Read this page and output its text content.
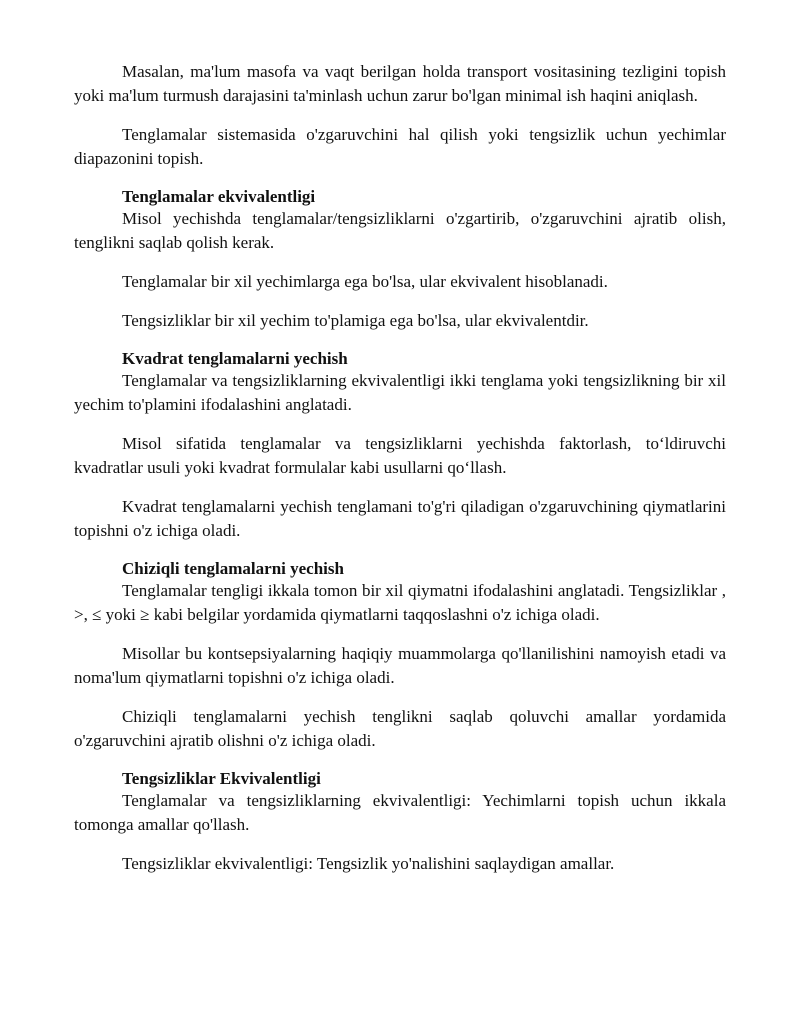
Masalan, ma'lum masofa va vaqt berilgan holda transport vositasining tezligini topish yoki ma'lum turmush darajasini ta'minlash uchun zarur bo'lgan minimal ish haqini aniqlash.

Tenglamalar sistemasida o'zgaruvchini hal qilish yoki tengsizlik uchun yechimlar diapazonini topish.

Tenglamalar ekvivalentligi

Misol yechishda tenglamalar/tengsizliklarni o'zgartirib, o'zgaruvchini ajratib olish, tenglikni saqlab qolish kerak.

Tenglamalar bir xil yechimlarga ega bo'lsa, ular ekvivalent hisoblanadi.

Tengsizliklar bir xil yechim to'plamiga ega bo'lsa, ular ekvivalentdir.

Kvadrat tenglamalarni yechish

Tenglamalar va tengsizliklarning ekvivalentligi ikki tenglama yoki tengsizlikning bir xil yechim to'plamini ifodalashini anglatadi.

Misol sifatida tenglamalar va tengsizliklarni yechishda faktorlash, to‘ldiruvchi kvadratlar usuli yoki kvadrat formulalar kabi usullarni qo‘llash.

Kvadrat tenglamalarni yechish tenglamani to'g'ri qiladigan o'zgaruvchining qiymatlarini topishni o'z ichiga oladi.

Chiziqli tenglamalarni yechish

Tenglamalar tengligi ikkala tomon bir xil qiymatni ifodalashini anglatadi. Tengsizliklar , >, ≤ yoki ≥ kabi belgilar yordamida qiymatlarni taqqoslashni o'z ichiga oladi.

Misollar bu kontsepsiyalarning haqiqiy muammolarga qo'llanilishini namoyish etadi va noma'lum qiymatlarni topishni o'z ichiga oladi.

Chiziqli tenglamalarni yechish tenglikni saqlab qoluvchi amallar yordamida o'zgaruvchini ajratib olishni o'z ichiga oladi.

Tengsizliklar Ekvivalentligi

Tenglamalar va tengsizliklarning ekvivalentligi: Yechimlarni topish uchun ikkala tomonga amallar qo'llash.

Tengsizliklar ekvivalentligi: Tengsizlik yo'nalishini saqlaydigan amallar.
